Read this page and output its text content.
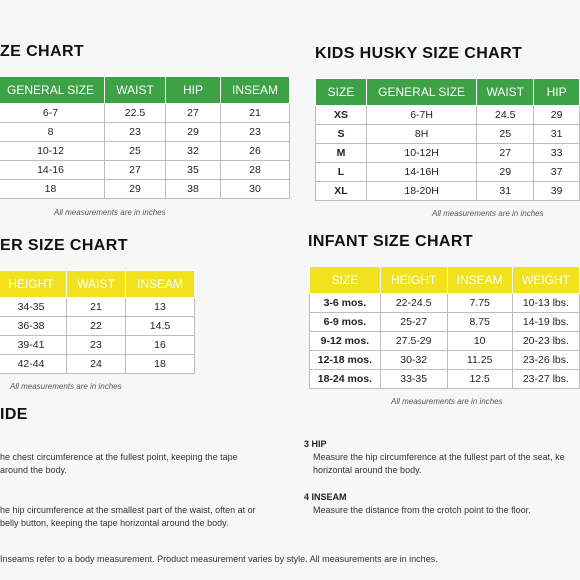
ZE CHART
GENERAL SIZE	WAIST	HIP	INSEAM
6-7	22.5	27	21
8	23	29	23
10-12	25	32	26
14-16	27	35	28
18	29	38	30
All measurements are in inches
KIDS HUSKY SIZE CHART
SIZE	GENERAL SIZE	WAIST	HIP
XS	6-7H	24.5	29
S	8H	25	31
M	10-12H	27	33
L	14-16H	29	37
XL	18-20H	31	39
All measurements are in inches
ER SIZE CHART
HEIGHT	WAIST	INSEAM
34-35	21	13
36-38	22	14.5
39-41	23	16
42-44	24	18
All measurements are in inches
INFANT SIZE CHART
SIZE	HEIGHT	INSEAM	WEIGHT
3-6 mos.	22-24.5	7.75	10-13 lbs.
6-9 mos.	25-27	8.75	14-19 lbs.
9-12 mos.	27.5-29	10	20-23 lbs.
12-18 mos.	30-32	11.25	23-26 lbs.
18-24 mos.	33-35	12.5	23-27 lbs.
All measurements are in inches
IDE
he chest circumference at the fullest point, keeping the tape
around the body.
he hip circumference at the smallest part of the waist, often at or
belly button, keeping the tape horizontal around the body.
3 HIP
Measure the hip circumference at the fullest part of the seat, ke
horizontal around the body.
4 INSEAM
Measure the distance from the crotch point to the floor.
Inseams refer to a body measurement. Product measurement varies by style. All measurements are in inches.
